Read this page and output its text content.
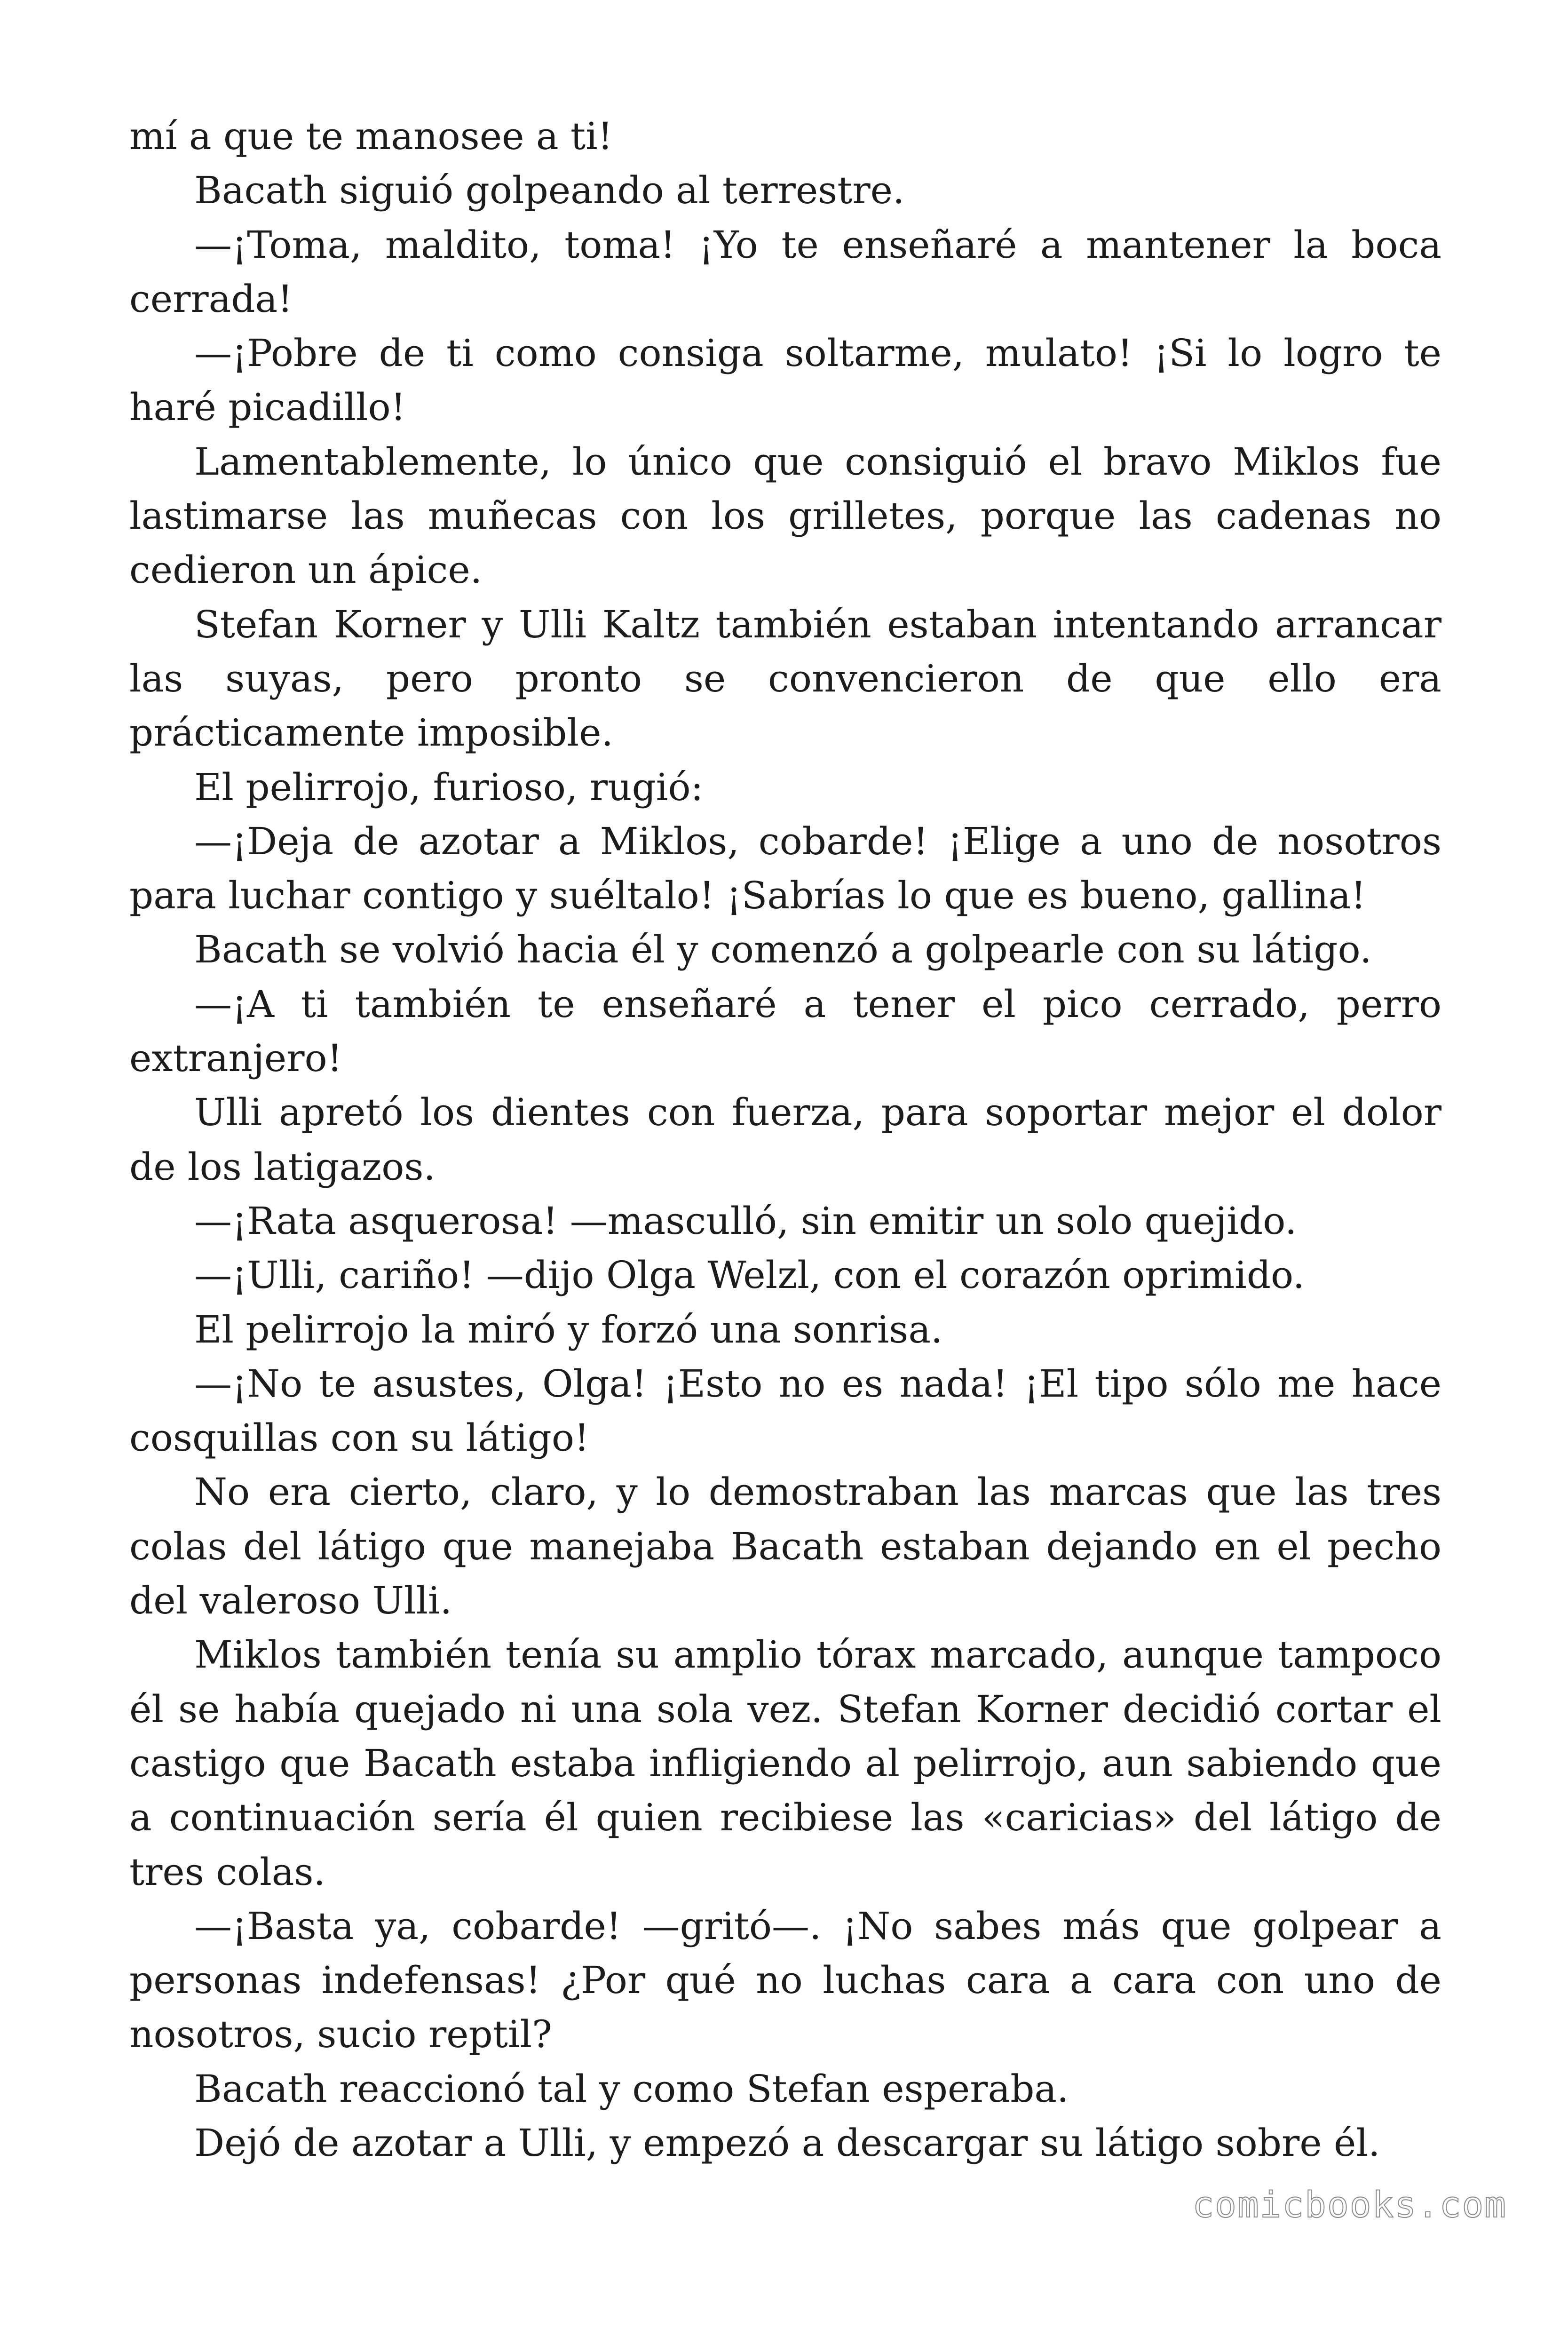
mí a que te manosee a ti!
Bacath siguió golpeando al terrestre.
—¡Toma, maldito, toma! ¡Yo te enseñaré a mantener la boca
cerrada!
—¡Pobre de ti como consiga soltarme, mulato! ¡Si lo logro te
haré picadillo!
Lamentablemente, lo único que consiguió el bravo Miklos fue
lastimarse las muñecas con los grilletes, porque las cadenas no
cedieron un ápice.
Stefan Korner y Ulli Kaltz también estaban intentando arrancar
las suyas, pero pronto se convencieron de que ello era
prácticamente imposible.
El pelirrojo, furioso, rugió:
—¡Deja de azotar a Miklos, cobarde! ¡Elige a uno de nosotros
para luchar contigo y suéltalo! ¡Sabrías lo que es bueno, gallina!
Bacath se volvió hacia él y comenzó a golpearle con su látigo.
—¡A ti también te enseñaré a tener el pico cerrado, perro
extranjero!
Ulli apretó los dientes con fuerza, para soportar mejor el dolor
de los latigazos.
—¡Rata asquerosa! —masculló, sin emitir un solo quejido.
—¡Ulli, cariño! —dijo Olga Welzl, con el corazón oprimido.
El pelirrojo la miró y forzó una sonrisa.
—¡No te asustes, Olga! ¡Esto no es nada! ¡El tipo sólo me hace
cosquillas con su látigo!
No era cierto, claro, y lo demostraban las marcas que las tres
colas del látigo que manejaba Bacath estaban dejando en el pecho
del valeroso Ulli.
Miklos también tenía su amplio tórax marcado, aunque tampoco
él se había quejado ni una sola vez. Stefan Korner decidió cortar el
castigo que Bacath estaba infligiendo al pelirrojo, aun sabiendo que
a continuación sería él quien recibiese las «caricias» del látigo de
tres colas.
—¡Basta ya, cobarde! —gritó—. ¡No sabes más que golpear a
personas indefensas! ¿Por qué no luchas cara a cara con uno de
nosotros, sucio reptil?
Bacath reaccionó tal y como Stefan esperaba.
Dejó de azotar a Ulli, y empezó a descargar su látigo sobre él.
comicbooks.com
